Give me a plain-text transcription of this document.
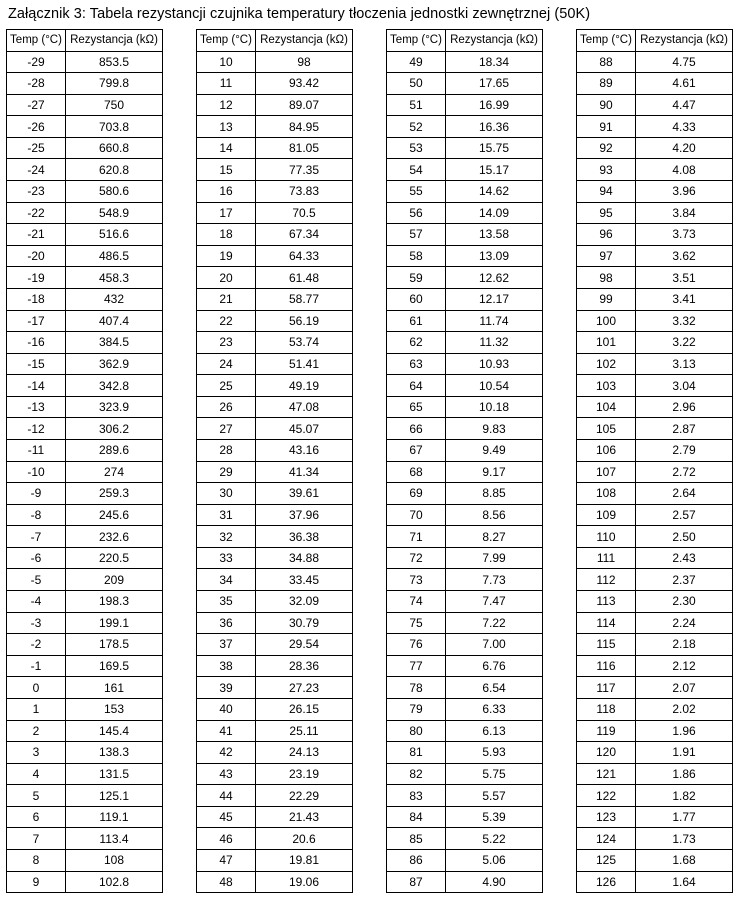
Załącznik 3: Tabela rezystancji czujnika temperatury tłoczenia jednostki zewnętrznej (50K)
Temp (°C)	Rezystancja (kΩ)
-29	853.5
-28	799.8
-27	750
-26	703.8
-25	660.8
-24	620.8
-23	580.6
-22	548.9
-21	516.6
-20	486.5
-19	458.3
-18	432
-17	407.4
-16	384.5
-15	362.9
-14	342.8
-13	323.9
-12	306.2
-11	289.6
-10	274
-9	259.3
-8	245.6
-7	232.6
-6	220.5
-5	209
-4	198.3
-3	199.1
-2	178.5
-1	169.5
0	161
1	153
2	145.4
3	138.3
4	131.5
5	125.1
6	119.1
7	113.4
8	108
9	102.8
Temp (°C)	Rezystancja (kΩ)
10	98
11	93.42
12	89.07
13	84.95
14	81.05
15	77.35
16	73.83
17	70.5
18	67.34
19	64.33
20	61.48
21	58.77
22	56.19
23	53.74
24	51.41
25	49.19
26	47.08
27	45.07
28	43.16
29	41.34
30	39.61
31	37.96
32	36.38
33	34.88
34	33.45
35	32.09
36	30.79
37	29.54
38	28.36
39	27.23
40	26.15
41	25.11
42	24.13
43	23.19
44	22.29
45	21.43
46	20.6
47	19.81
48	19.06
Temp (°C)	Rezystancja (kΩ)
49	18.34
50	17.65
51	16.99
52	16.36
53	15.75
54	15.17
55	14.62
56	14.09
57	13.58
58	13.09
59	12.62
60	12.17
61	11.74
62	11.32
63	10.93
64	10.54
65	10.18
66	9.83
67	9.49
68	9.17
69	8.85
70	8.56
71	8.27
72	7.99
73	7.73
74	7.47
75	7.22
76	7.00
77	6.76
78	6.54
79	6.33
80	6.13
81	5.93
82	5.75
83	5.57
84	5.39
85	5.22
86	5.06
87	4.90
Temp (°C)	Rezystancja (kΩ)
88	4.75
89	4.61
90	4.47
91	4.33
92	4.20
93	4.08
94	3.96
95	3.84
96	3.73
97	3.62
98	3.51
99	3.41
100	3.32
101	3.22
102	3.13
103	3.04
104	2.96
105	2.87
106	2.79
107	2.72
108	2.64
109	2.57
110	2.50
111	2.43
112	2.37
113	2.30
114	2.24
115	2.18
116	2.12
117	2.07
118	2.02
119	1.96
120	1.91
121	1.86
122	1.82
123	1.77
124	1.73
125	1.68
126	1.64
